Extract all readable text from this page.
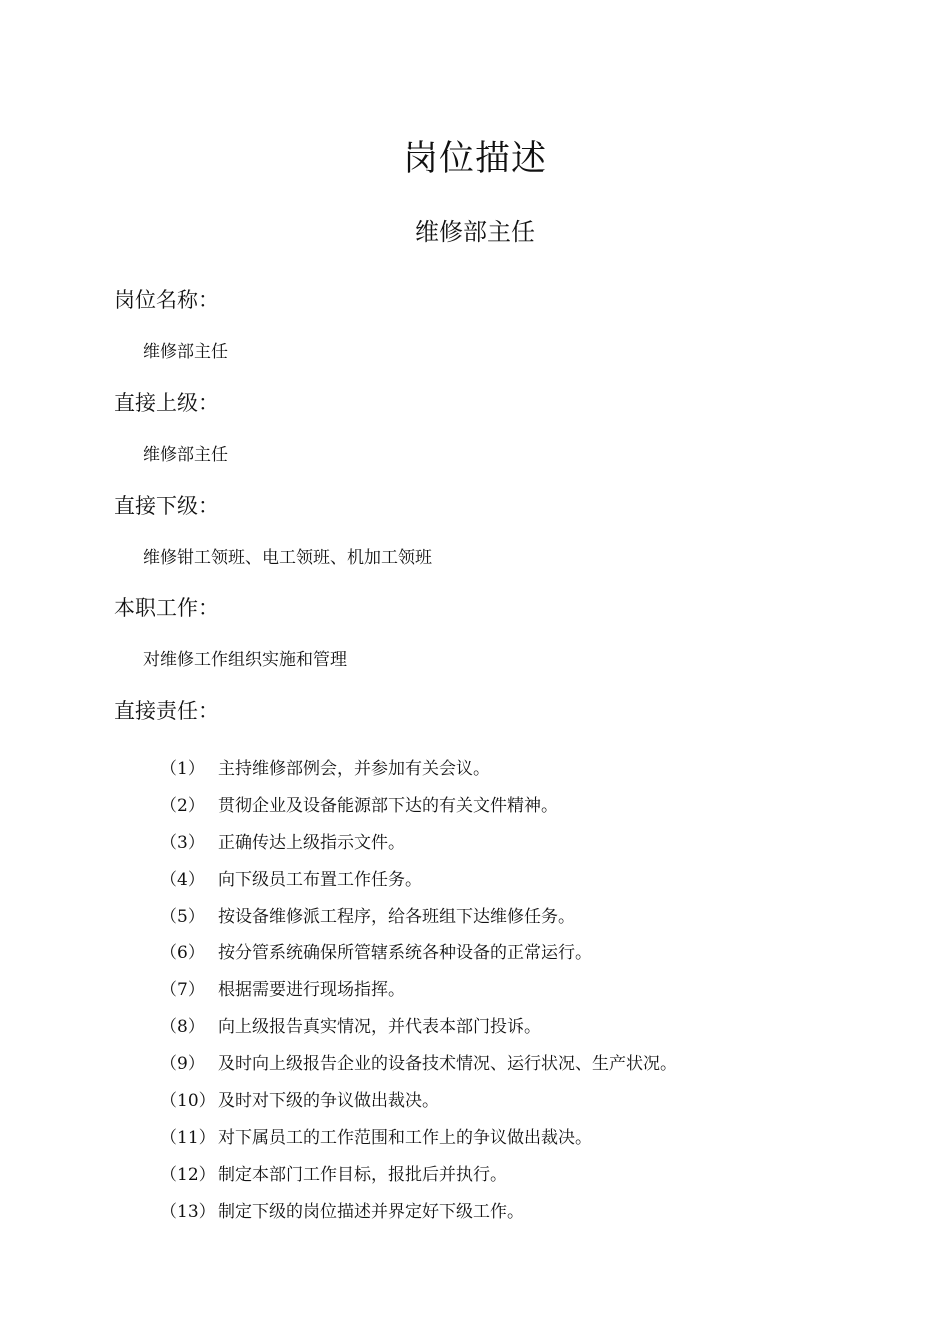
岗位描述
维修部主任
岗位名称：
维修部主任
直接上级：
维修部主任
直接下级：
维修钳工领班、电工领班、机加工领班
本职工作：
对维修工作组织实施和管理
直接责任：
（1） 主持维修部例会，并参加有关会议。
（2） 贯彻企业及设备能源部下达的有关文件精神。
（3） 正确传达上级指示文件。
（4） 向下级员工布置工作任务。
（5） 按设备维修派工程序，给各班组下达维修任务。
（6） 按分管系统确保所管辖系统各种设备的正常运行。
（7） 根据需要进行现场指挥。
（8） 向上级报告真实情况，并代表本部门投诉。
（9） 及时向上级报告企业的设备技术情况、运行状况、生产状况。
（10） 及时对下级的争议做出裁决。
（11） 对下属员工的工作范围和工作上的争议做出裁决。
（12） 制定本部门工作目标，报批后并执行。
（13） 制定下级的岗位描述并界定好下级工作。
